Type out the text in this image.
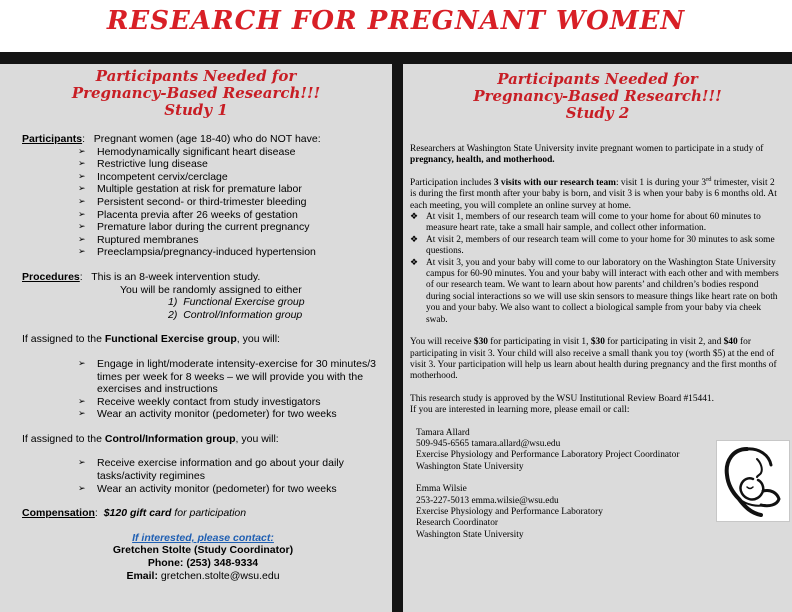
RESEARCH FOR PREGNANT WOMEN
Participants Needed for
Pregnancy-Based Research!!!
Study 1

Participants:   Pregnant women (age 18-40) who do NOT have:

➢ Hemodynamically significant heart disease
➢ Restrictive lung disease
➢ Incompetent cervix/cerclage
➢ Multiple gestation at risk for premature labor
➢ Persistent second- or third-trimester bleeding
➢ Placenta previa after 26 weeks of gestation
➢ Premature labor during the current pregnancy
➢ Ruptured membranes
➢ Preeclampsia/pregnancy-induced hypertension

Procedures:   This is an 8-week intervention study.

You will be randomly assigned to either

1) Functional Exercise group

2) Control/Information group

If assigned to the Functional Exercise group, you will:

➢ Engage in light/moderate intensity-exercise for 30 minutes/3 times per week for 8 weeks – we will provide you with the exercises and instructions
➢ Receive weekly contact from study investigators
➢ Wear an activity monitor (pedometer) for two weeks

If assigned to the Control/Information group, you will:

➢ Receive exercise information and go about your daily tasks/activity regimines
➢ Wear an activity monitor (pedometer) for two weeks

Compensation:  $120 gift card for participation

If interested, please contact:

Gretchen Stolte (Study Coordinator)

Phone: (253) 348-9334

Email: gretchen.stolte@wsu.edu

Participants Needed for
Pregnancy-Based Research!!!
Study 2

Researchers at Washington State University invite pregnant women to participate in a study of pregnancy, health, and motherhood.

Participation includes 3 visits with our research team: visit 1 is during your 3rd trimester, visit 2 is during the first month after your baby is born, and visit 3 is when your baby is 6 months old. At each meeting, you will complete an online survey at home.

❖ At visit 1, members of our research team will come to your home for about 60 minutes to measure heart rate, take a small hair sample, and collect other information.
❖ At visit 2, members of our research team will come to your home for 30 minutes to ask some questions.
❖ At visit 3, you and your baby will come to our laboratory on the Washington State University campus for 60-90 minutes. You and your baby will interact with each other and with members of our research team. We want to learn about how parents’ and children’s bodies respond during social interactions so we will use skin sensors to measure things like heart rate on both you and your baby. We also want to collect a biological sample from your baby via cheek swab.

You will receive $30 for participating in visit 1, $30 for participating in visit 2, and $40 for participating in visit 3. Your child will also receive a small thank you toy (worth $5) at the end of visit 3. Your participation will help us learn about health during pregnancy and the first months of motherhood.

This research study is approved by the WSU Institutional Review Board #15441.

If you are interested in learning more, please email or call:

Tamara Allard

509-945-6565 tamara.allard@wsu.edu

Exercise Physiology and Performance Laboratory Project Coordinator

Washington State University

Emma Wilsie

253-227-5013 emma.wilsie@wsu.edu

Exercise Physiology and Performance Laboratory

Research Coordinator

Washington State University
